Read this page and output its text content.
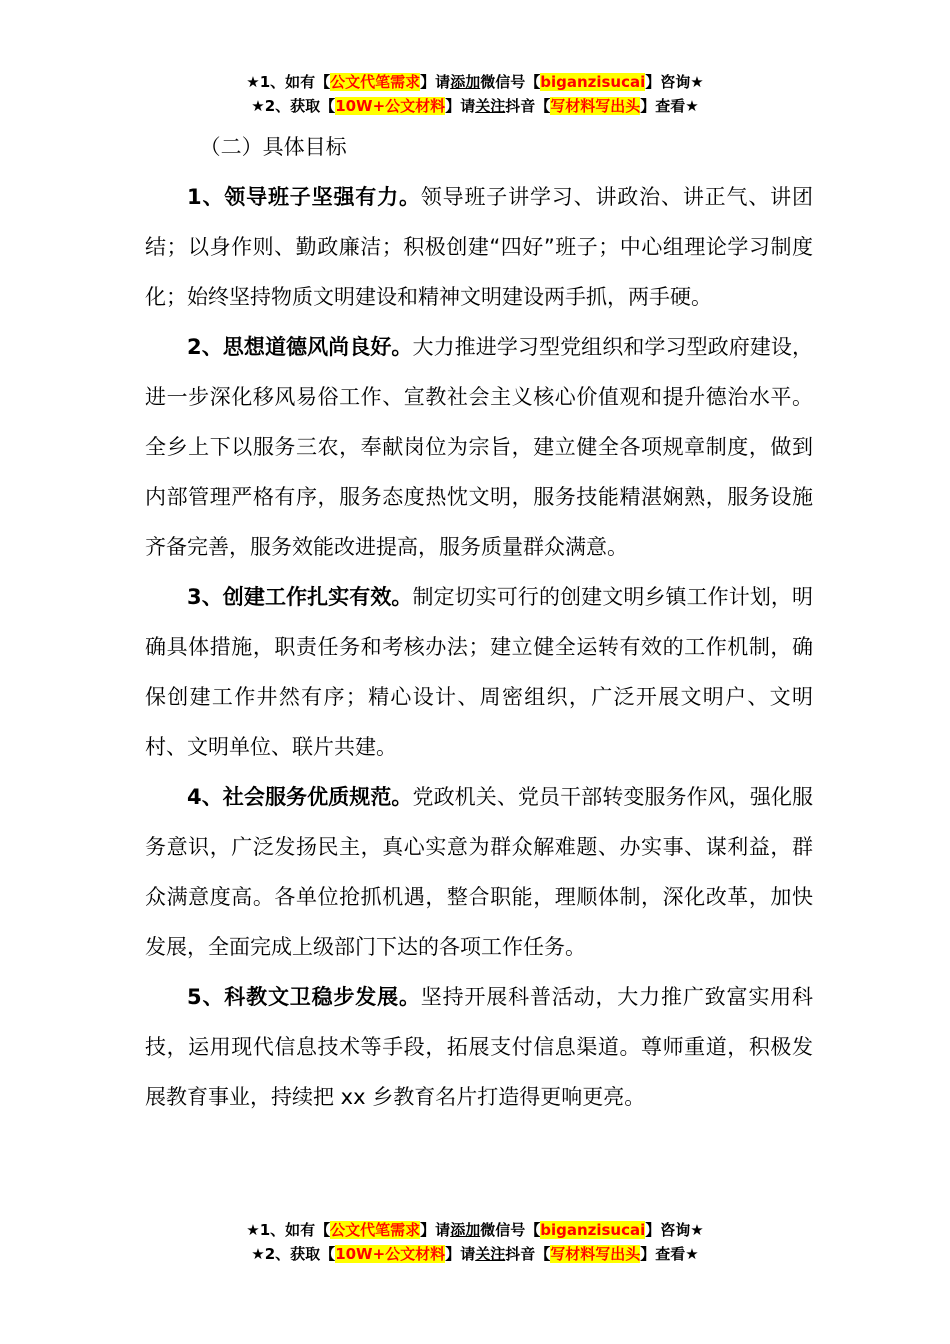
★1、如有【公文代笔需求】请添加微信号【biganzisucai】咨询★
★2、获取【10W+公文材料】请关注抖音【写材料写出头】查看★

（二）具体目标

1、领导班子坚强有力。领导班子讲学习、讲政治、讲正气、讲团结；以身作则、勤政廉洁；积极创建“四好”班子；中心组理论学习制度化；始终坚持物质文明建设和精神文明建设两手抓，两手硬。

2、思想道德风尚良好。大力推进学习型党组织和学习型政府建设，进一步深化移风易俗工作、宣教社会主义核心价值观和提升德治水平。全乡上下以服务三农，奉献岗位为宗旨，建立健全各项规章制度，做到内部管理严格有序，服务态度热忱文明，服务技能精湛娴熟，服务设施齐备完善，服务效能改进提高，服务质量群众满意。

3、创建工作扎实有效。制定切实可行的创建文明乡镇工作计划，明确具体措施，职责任务和考核办法；建立健全运转有效的工作机制，确保创建工作井然有序；精心设计、周密组织，广泛开展文明户、文明村、文明单位、联片共建。

4、社会服务优质规范。党政机关、党员干部转变服务作风，强化服务意识，广泛发扬民主，真心实意为群众解难题、办实事、谋利益，群众满意度高。各单位抢抓机遇，整合职能，理顺体制，深化改革，加快发展，全面完成上级部门下达的各项工作任务。

5、科教文卫稳步发展。坚持开展科普活动，大力推广致富实用科技，运用现代信息技术等手段，拓展支付信息渠道。尊师重道，积极发展教育事业，持续把 xx 乡教育名片打造得更响更亮。

★1、如有【公文代笔需求】请添加微信号【biganzisucai】咨询★
★2、获取【10W+公文材料】请关注抖音【写材料写出头】查看★
